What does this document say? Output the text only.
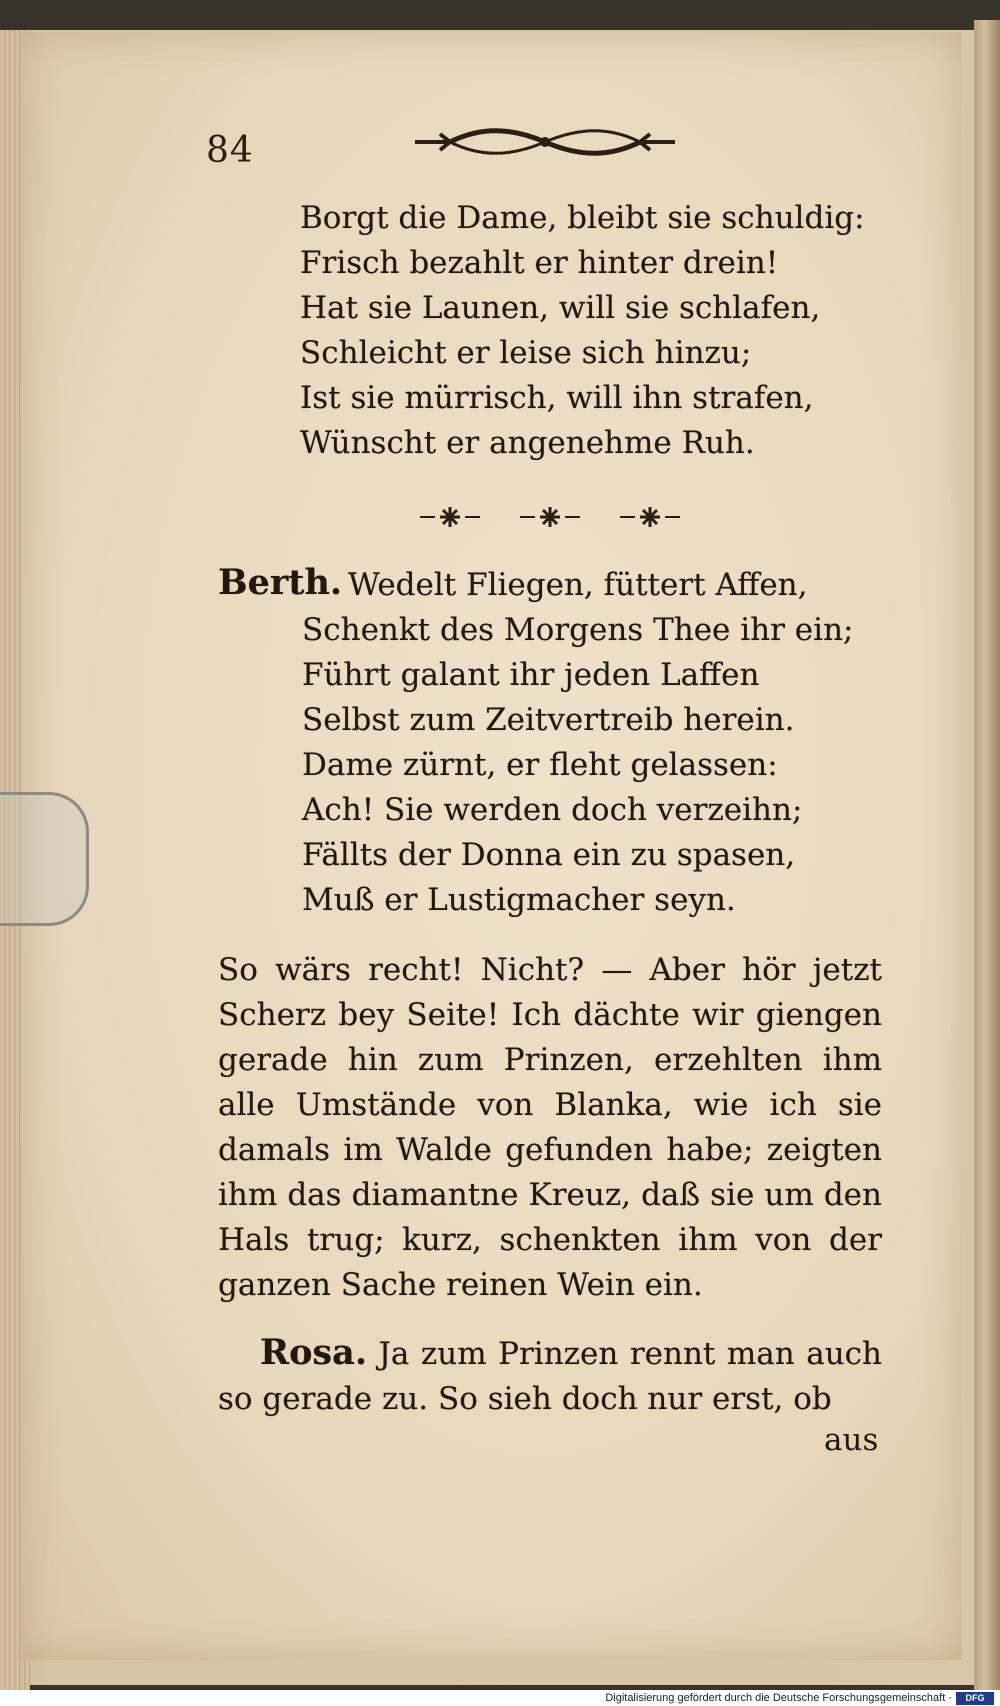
84
Borgt die Dame, bleibt sie schuldig:
Frisch bezahlt er hinter drein!
Hat sie Launen, will sie schlafen,
Schleicht er leise sich hinzu;
Ist sie mürrisch, will ihn strafen,
Wünscht er angenehme Ruh.
Berth. Wedelt Fliegen, füttert Affen,
Schenkt des Morgens Thee ihr ein;
Führt galant ihr jeden Laffen
Selbst zum Zeitvertreib herein.
Dame zürnt, er fleht gelassen:
Ach! Sie werden doch verzeihn;
Fällts der Donna ein zu spasen,
Muß er Lustigmacher seyn.
So wärs recht! Nicht? — Aber hör jetzt Scherz bey Seite! Ich dächte wir giengen gerade hin zum Prinzen, erzehlten ihm alle Umstände von Blanka, wie ich sie damals im Walde gefunden habe; zeigten ihm das diamantne Kreuz, daß sie um den Hals trug; kurz, schenkten ihm von der ganzen Sache reinen Wein ein.
Rosa. Ja zum Prinzen rennt man auch so gerade zu. So sieh doch nur erst, ob
aus
Digitalisierung gefördert durch die Deutsche Forschungsgemeinschaft ·	DFG
